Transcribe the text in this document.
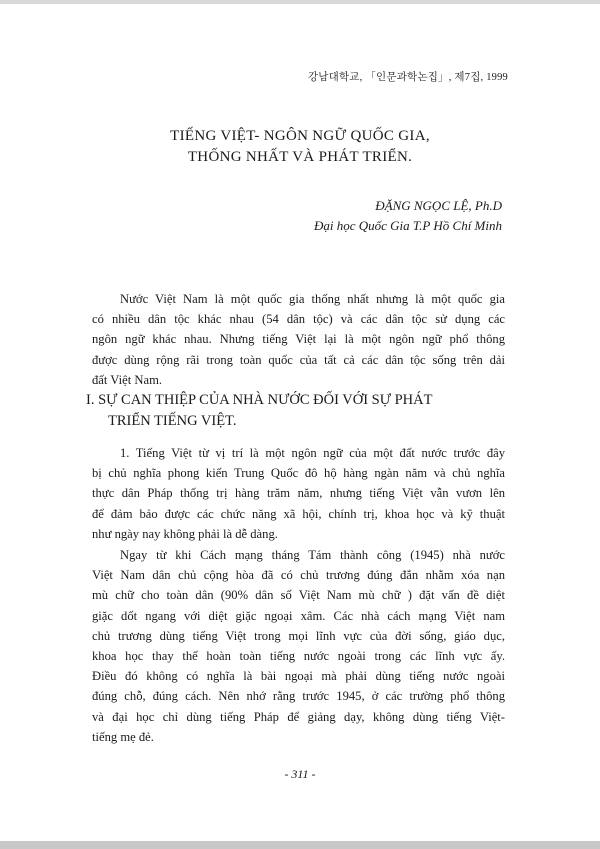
강남대학교, 「인문과학논집」, 제7집, 1999
TIẾNG VIỆT- NGÔN NGỮ QUỐC GIA,
THỐNG NHẤT VÀ PHÁT TRIỂN.
ĐẶNG NGỌC LỆ, Ph.D
Đại học Quốc Gia T.P Hồ Chí Minh

Nước Việt Nam là một quốc gia thống nhất nhưng là một quốc gia
có nhiều dân tộc khác nhau (54 dân tộc) và các dân tộc sử dụng các
ngôn ngữ khác nhau. Nhưng tiếng Việt lại là một ngôn ngữ phổ thông
được dùng rộng rãi trong toàn quốc của tất cả các dân tộc sống trên dải
đất Việt Nam.

I. SỰ CAN THIỆP CỦA NHÀ NƯỚC ĐỐI VỚI SỰ PHÁT
TRIỂN TIẾNG VIỆT.

1. Tiếng Việt từ vị trí là một ngôn ngữ của một đất nước trước đây
bị chủ nghĩa phong kiến Trung Quốc đô hộ hàng ngàn năm và chủ nghĩa
thực dân Pháp thống trị hàng trăm năm, nhưng tiếng Việt vẫn vươn lên
để đảm bảo được các chức năng xã hội, chính trị, khoa học và kỹ thuật
như ngày nay không phải là dễ dàng.

Ngay từ khi Cách mạng tháng Tám thành công (1945) nhà nước
Việt Nam dân chủ cộng hòa đã có chủ trương đúng đắn nhằm xóa nạn
mù chữ cho toàn dân (90% dân số Việt Nam mù chữ ) đặt vấn đề diệt
giặc dốt ngang với diệt giặc ngoại xâm. Các nhà cách mạng Việt nam
chủ trương dùng tiếng Việt trong mọi lĩnh vực của đời sống, giáo dục,
khoa học thay thế hoàn toàn tiếng nước ngoài trong các lĩnh vực ấy.
Điều đó không có nghĩa là bài ngoại mà phải dùng tiếng nước ngoài
đúng chỗ, đúng cách. Nên nhớ rằng trước 1945, ở các trường phổ thông
và đại học chỉ dùng tiếng Pháp để giảng dạy, không dùng tiếng Việt-
tiếng mẹ đẻ.

- 311 -
